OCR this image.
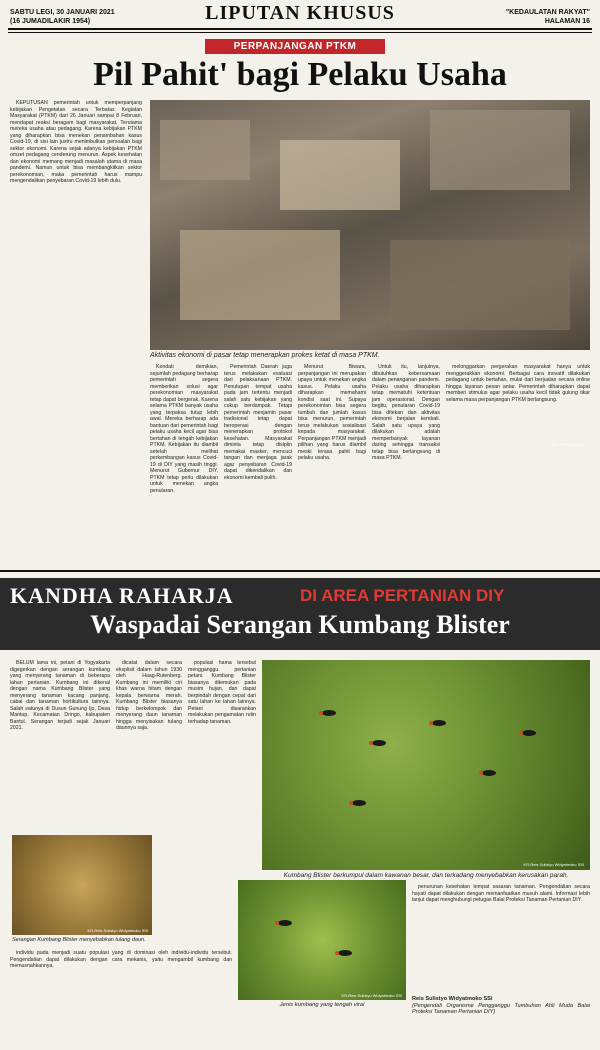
SABTU LEGI, 30 JANUARI 2021
(16 JUMADILAKIR 1954)	LIPUTAN KHUSUS	"KEDAULATAN RAKYAT"
HALAMAN 16
PERPANJANGAN PTKM
Pil Pahit' bagi Pelaku Usaha

KEPUTUSAN pemerintah untuk memperpanjang kebijakan Pengetatan secara Terbatas Kegiatan Masyarakat (PTKM) dari 26 Januari sampai 8 Februari, mendapat reaksi beragam bagi masyarakat. Terutama mereka usaha atau pedagang. Karena kebijakan PTKM yang diharapkan bisa menekan penambahan kasus Covid-19, di sisi lain justru menimbulkan persoalan bagi sektor ekonomi. Karena sejak adanya kebijakan PTKM omzet pedagang cenderung menurun. Aspek kesehatan dan ekonomi memang menjadi masalah utama di masa pandemi. Namun untuk bisa membangkitkan sektor perekonomian, maka pemerintah harus mampu mengendalikan penyebaran Covid-19 lebih dulu.

KR-Primi Syeha
Aktivitas ekonomi di pasar tetap menerapkan prokes ketat di masa PTKM.

Kendati demikian, sejumlah pedagang berharap pemerintah segera memberikan solusi agar perekonomian masyarakat tetap dapat bergerak. Karena selama PTKM banyak usaha yang terpaksa tutup lebih awal. Mereka berharap ada bantuan dari pemerintah bagi pelaku usaha kecil agar bisa bertahan di tengah kebijakan PTKM. Kebijakan itu diambil setelah melihat perkembangan kasus Covid-19 di DIY yang masih tinggi. Menurut Gubernur DIY, PTKM tetap perlu dilakukan untuk menekan angka penularan.

Pemerintah Daerah juga terus melakukan evaluasi dari pelaksanaan PTKM. Penutupan tempat usaha pada jam tertentu menjadi salah satu kebijakan yang cukup berdampak. Tetapi pemerintah menjamin pasar tradisional tetap dapat beroperasi dengan menerapkan protokol kesehatan. Masyarakat diminta tetap disiplin memakai masker, mencuci tangan dan menjaga jarak agar penyebaran Covid-19 dapat dikendalikan dan ekonomi kembali pulih.

Menurut Biwara, perpanjangan ini merupakan upaya untuk menekan angka kasus. Pelaku usaha diharapkan memahami kondisi saat ini. Supaya perekonomian bisa segera tumbuh dan jumlah kasus bisa menurun, pemerintah terus melakukan sosialisasi kepada masyarakat. Perpanjangan PTKM menjadi pilihan yang harus diambil meski terasa pahit bagi pelaku usaha.

Untuk itu, lanjutnya, dibutuhkan kebersamaan dalam penanganan pandemi. Pelaku usaha diharapkan tetap mematuhi ketentuan jam operasional. Dengan begitu, penularan Covid-19 bisa ditekan dan aktivitas ekonomi berjalan kembali. Salah satu upaya yang dilakukan adalah memperbanyak layanan daring sehingga transaksi tetap bisa berlangsung di masa PTKM.

melonggarkan pergerakan masyarakat hanya untuk menggerakkan ekonomi. Berbagai cara inovatif dilakukan pedagang untuk bertahan, mulai dari berjualan secara online hingga layanan pesan antar. Pemerintah diharapkan dapat memberi stimulus agar pelaku usaha kecil tidak gulung tikar selama masa perpanjangan PTKM berlangsung.

KANDHA RAHARJA	DI AREA PERTANIAN DIY
Waspadai Serangan Kumbang Blister

BELUM lama ini, petani di Yogyakarta digegerkan dengan serangan kumbang yang menyerang tanaman di beberapa lahan pertanian. Kumbang ini dikenal dengan nama Kumbang Blister yang menyerang tanaman kacang panjang, cabai dan tanaman hortikultura lainnya. Salah satunya di Dusun Gunung Ijo, Desa Mantup, Kecamatan Dringo, kabupaten Bantul. Serangan terjadi sejak Januari 2021.

dicatat dalam secara eksplisit dalam tahun 1930 oleh Haag-Rutenberg. Kumbang ini memiliki ciri khas warna hitam dengan kepala berwarna merah. Kumbang Blister biasanya hidup berkelompok dan menyerang daun tanaman hingga menyisakan tulang daunnya saja.

populasi hama tersebut mengganggu pertanian petani. Kumbang Blister biasanya ditemukan pada musim hujan, dan dapat berpindah dengan cepat dari satu lahan ke lahan lainnya. Petani disarankan melakukan pengamatan rutin terhadap tanaman.

KR-Reis Sulistyo Widyatmoko SSi
Kumbang Blister berkumpul dalam kawanan besar, dan terkadang menyebabkan kerusakan parah.
KR-Reis Sulistyo Widyatmoko SSi
Serangan Kumbang Blister menyebabkan tulang daun.
KR-Reis Sulistyo Widyatmoko SSi
Jenis kumbang yang tengah viral

individu pada menjadi suatu populasi yang di dominasi oleh individu-individu tersebut. Pengendalian dapat dilakukan dengan cara mekanis, yaitu mengambil kumbang dan memusnahkannya.

penurunan kesehatan tempat sasaran tanaman. Pengendalian secara hayati dapat dilakukan dengan memanfaatkan musuh alami. Informasi lebih lanjut dapat menghubungi petugas Balai Proteksi Tanaman Pertanian DIY.

Reis Sulistyo Widyatmoko SSi
(Pengendali Organisme Pengganggu Tumbuhan Ahli Muda Balai Proteksi Tanaman Pertanian DIY)
